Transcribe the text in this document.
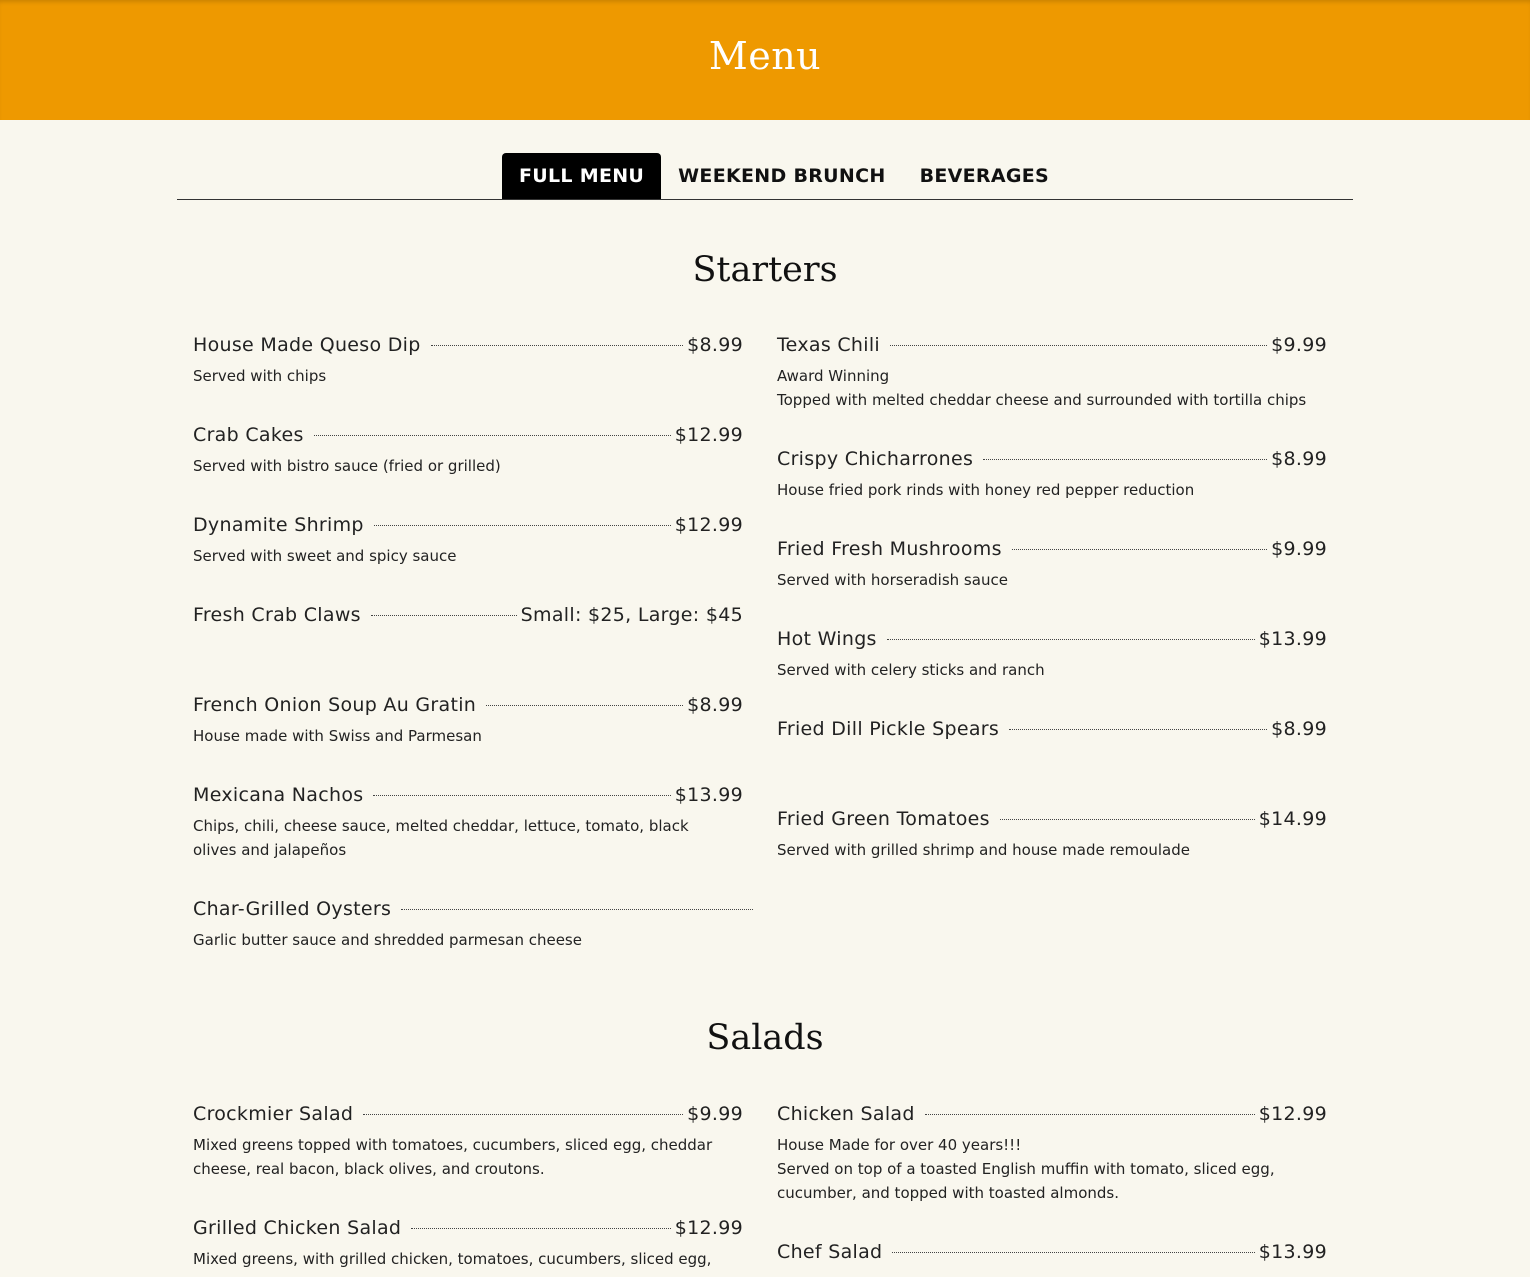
Menu
FULL MENU	WEEKEND BRUNCH	BEVERAGES
Starters
House Made Queso Dip	$8.99
Served with chips
Crab Cakes	$12.99
Served with bistro sauce (fried or grilled)
Dynamite Shrimp	$12.99
Served with sweet and spicy sauce
Fresh Crab Claws	Small: $25, Large: $45
French Onion Soup Au Gratin	$8.99
House made with Swiss and Parmesan
Mexicana Nachos	$13.99
Chips, chili, cheese sauce, melted cheddar, lettuce, tomato, black
olives and jalapeños
Char-Grilled Oysters
Garlic butter sauce and shredded parmesan cheese
Texas Chili	$9.99
Award Winning
Topped with melted cheddar cheese and surrounded with tortilla chips
Crispy Chicharrones	$8.99
House fried pork rinds with honey red pepper reduction
Fried Fresh Mushrooms	$9.99
Served with horseradish sauce
Hot Wings	$13.99
Served with celery sticks and ranch
Fried Dill Pickle Spears	$8.99
Fried Green Tomatoes	$14.99
Served with grilled shrimp and house made remoulade
Salads
Crockmier Salad	$9.99
Mixed greens topped with tomatoes, cucumbers, sliced egg, cheddar
cheese, real bacon, black olives, and croutons.
Grilled Chicken Salad	$12.99
Mixed greens, with grilled chicken, tomatoes, cucumbers, sliced egg,
Chicken Salad	$12.99
House Made for over 40 years!!!
Served on top of a toasted English muffin with tomato, sliced egg,
cucumber, and topped with toasted almonds.
Chef Salad	$13.99
